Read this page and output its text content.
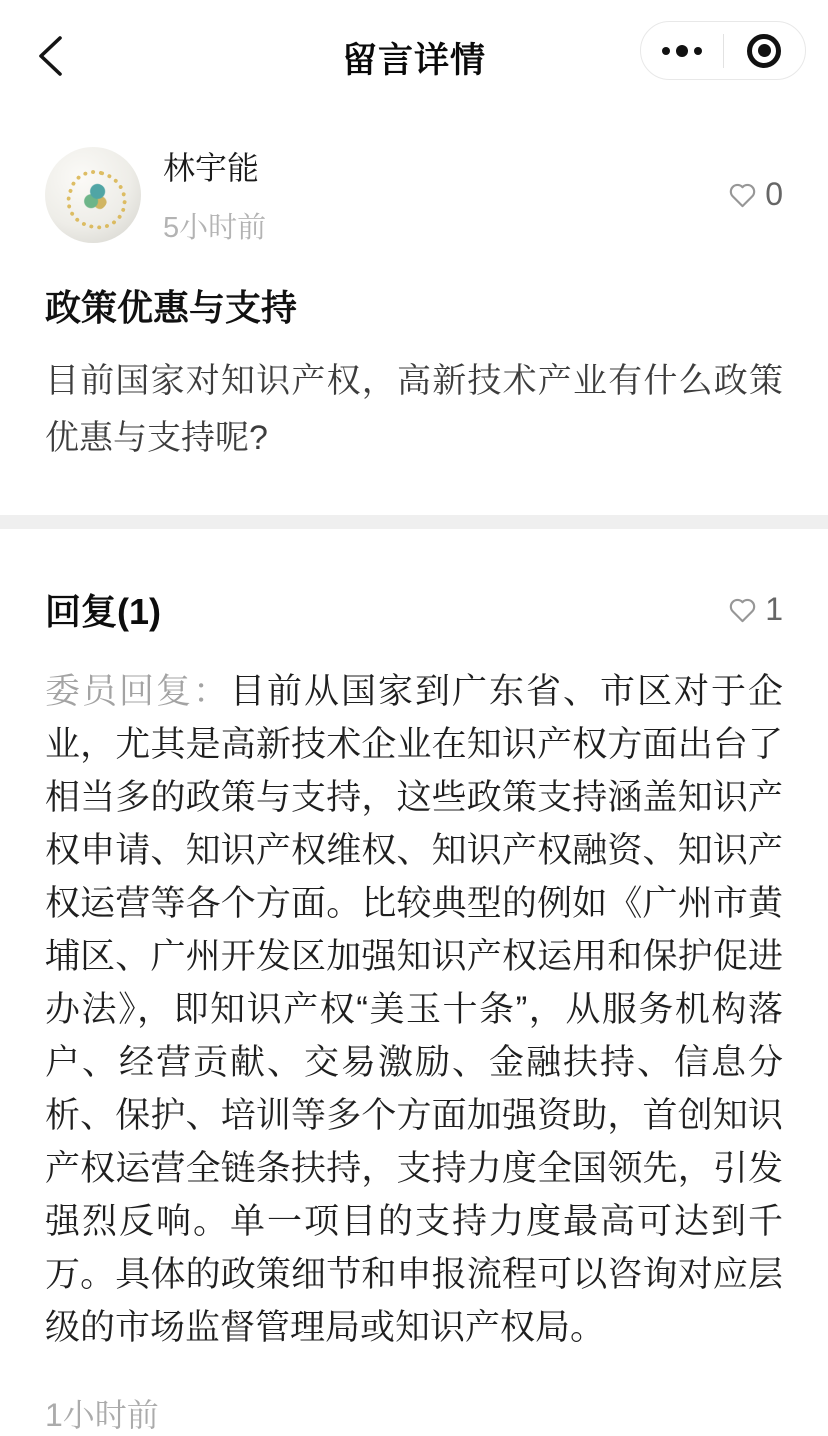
留言详情
林宇能
5小时前
0
政策优惠与支持
目前国家对知识产权，高新技术产业有什么政策优惠与支持呢?
回复(1)	1

委员回复：目前从国家到广东省、市区对于企业，尤其是高新技术企业在知识产权方面出台了相当多的政策与支持，这些政策支持涵盖知识产权申请、知识产权维权、知识产权融资、知识产权运营等各个方面。比较典型的例如《广州市黄埔区、广州开发区加强知识产权运用和保护促进办法》，即知识产权“美玉十条”，从服务机构落户、经营贡献、交易激励、金融扶持、信息分析、保护、培训等多个方面加强资助，首创知识产权运营全链条扶持，支持力度全国领先，引发强烈反响。单一项目的支持力度最高可达到千万。具体的政策细节和申报流程可以咨询对应层级的市场监督管理局或知识产权局。

1小时前
